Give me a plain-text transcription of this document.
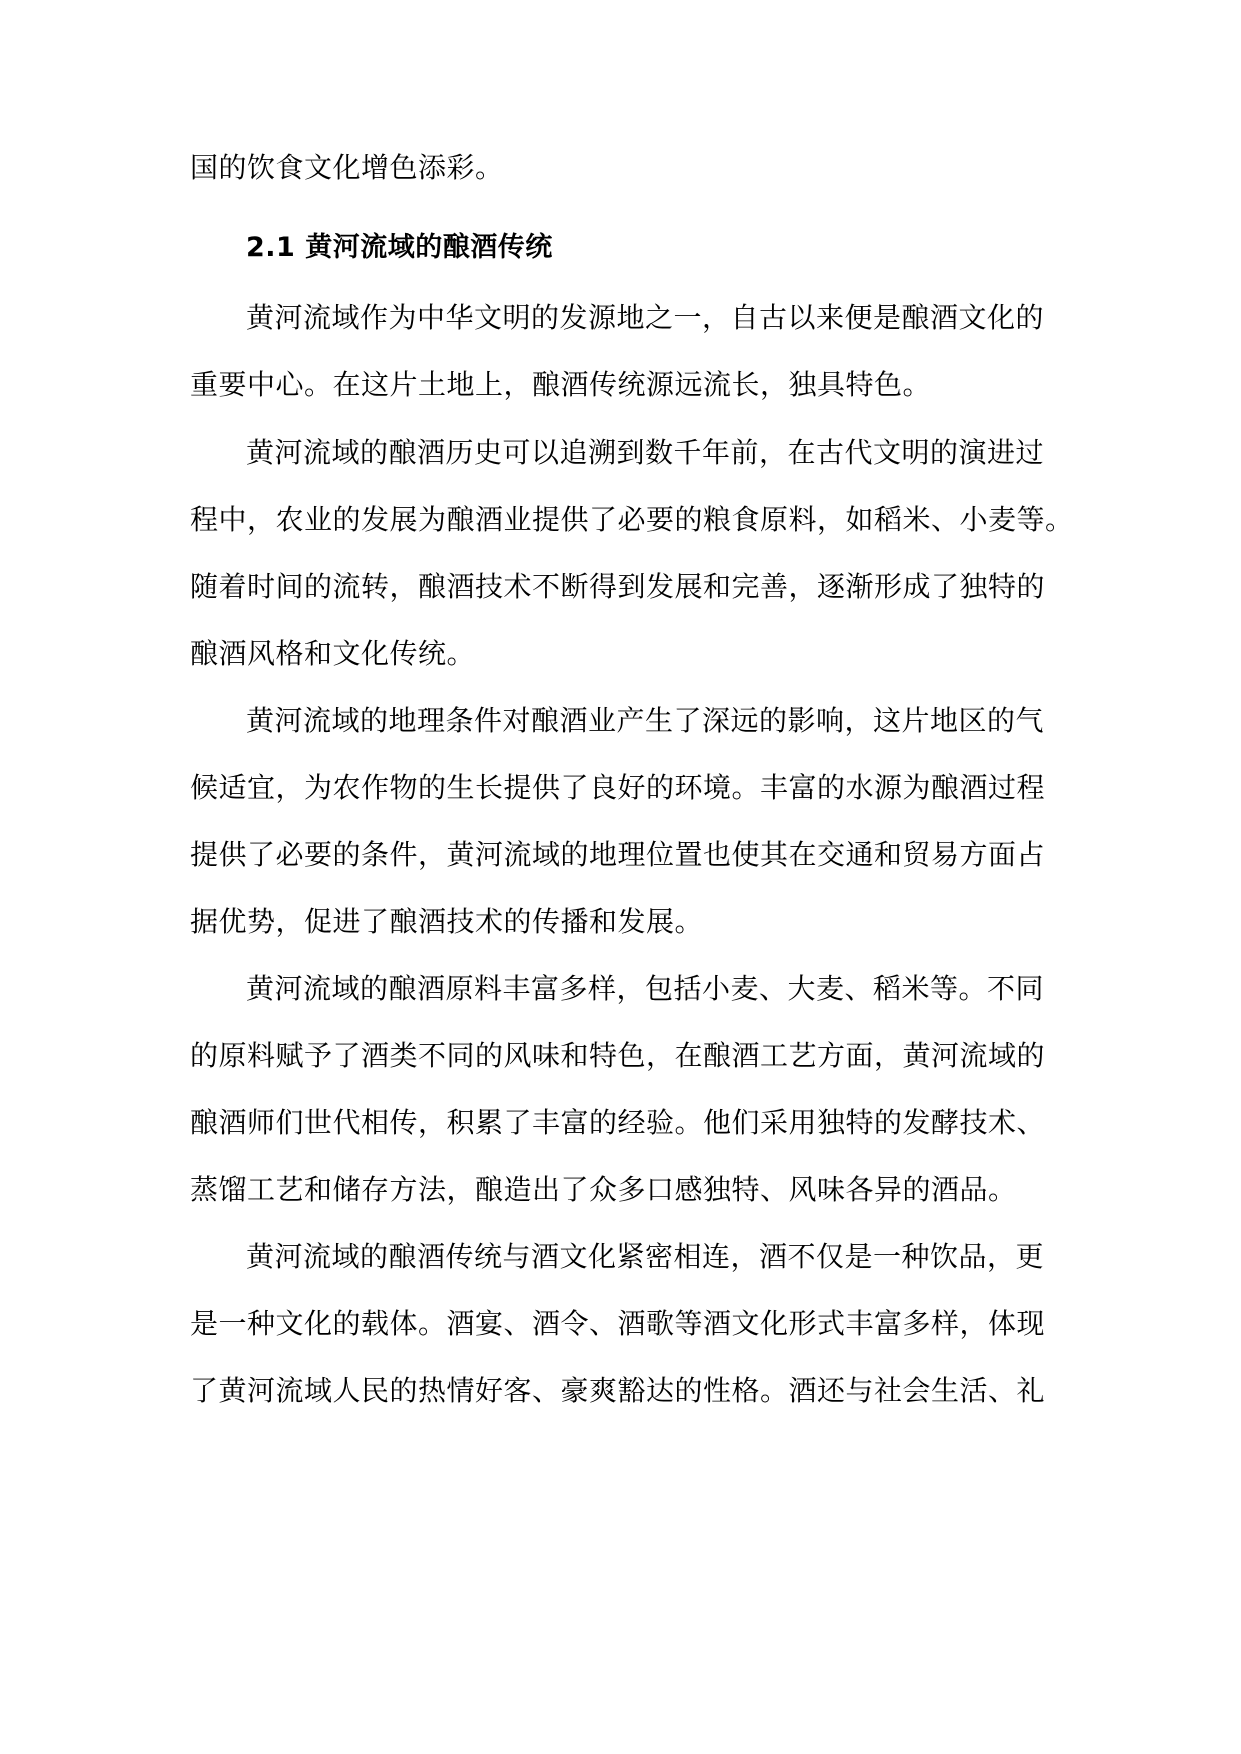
国的饮食文化增色添彩。
2.1 黄河流域的酿酒传统
黄河流域作为中华文明的发源地之一，自古以来便是酿酒文化的
重要中心。在这片土地上，酿酒传统源远流长，独具特色。
黄河流域的酿酒历史可以追溯到数千年前，在古代文明的演进过
程中，农业的发展为酿酒业提供了必要的粮食原料，如稻米、小麦等。
随着时间的流转，酿酒技术不断得到发展和完善，逐渐形成了独特的
酿酒风格和文化传统。
黄河流域的地理条件对酿酒业产生了深远的影响，这片地区的气
候适宜，为农作物的生长提供了良好的环境。丰富的水源为酿酒过程
提供了必要的条件，黄河流域的地理位置也使其在交通和贸易方面占
据优势，促进了酿酒技术的传播和发展。
黄河流域的酿酒原料丰富多样，包括小麦、大麦、稻米等。不同
的原料赋予了酒类不同的风味和特色，在酿酒工艺方面，黄河流域的
酿酒师们世代相传，积累了丰富的经验。他们采用独特的发酵技术、
蒸馏工艺和储存方法，酿造出了众多口感独特、风味各异的酒品。
黄河流域的酿酒传统与酒文化紧密相连，酒不仅是一种饮品，更
是一种文化的载体。酒宴、酒令、酒歌等酒文化形式丰富多样，体现
了黄河流域人民的热情好客、豪爽豁达的性格。酒还与社会生活、礼
